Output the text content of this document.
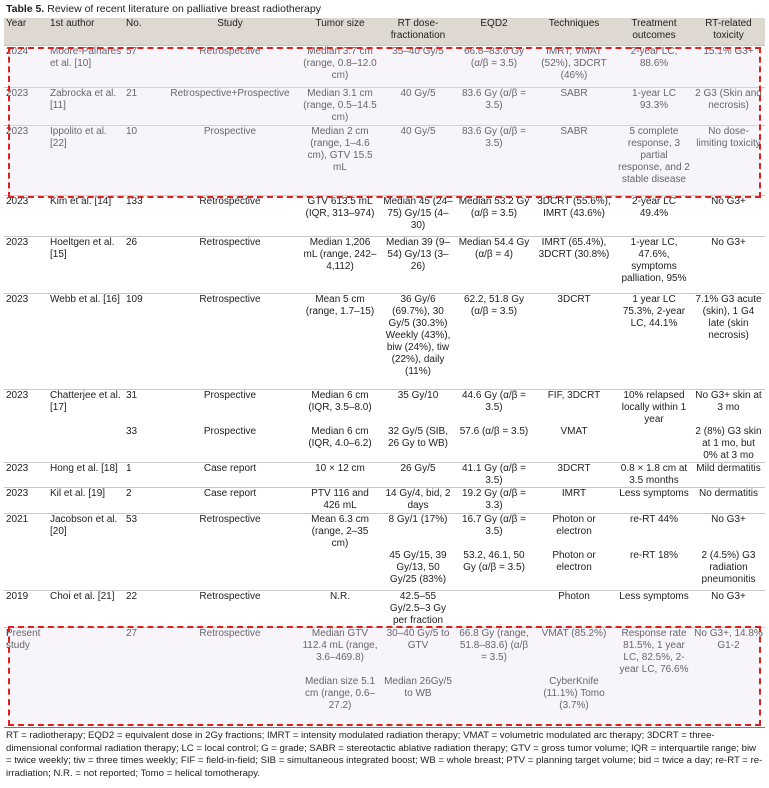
Table 5. Review of recent literature on palliative breast radiotherapy
Year	1st author	No.	Study	Tumor size	RT dose-fractionation	EQD2	Techniques	Treatment outcomes	RT-related toxicity
2024	Moore-Palhares et al. [10]	57	Retrospective	Median 3.7 cm (range, 0.8–12.0 cm)	35–40 Gy/5	66.8–83.6 Gy (α/β = 3.5)	IMRT, VMAT (52%), 3DCRT (46%)	2-year LC, 88.6%	15.1% G3+
2023	Zabrocka et al. [11]	21	Retrospective+Prospective	Median 3.1 cm (range, 0.5–14.5 cm)	40 Gy/5	83.6 Gy (α/β = 3.5)	SABR	1-year LC 93.3%	2 G3 (Skin and necrosis)
2023	Ippolito et al. [22]	10	Prospective	Median 2 cm (range, 1–4.6 cm), GTV 15.5 mL	40 Gy/5	83.6 Gy (α/β = 3.5)	SABR	5 complete response, 3 partial response, and 2 stable disease	No dose-limiting toxicity
2023	Kim et al. [14]	133	Retrospective	GTV 613.5 mL (IQR, 313–974)	Median 45 (24–75) Gy/15 (4–30)	Median 53.2 Gy (α/β = 3.5)	3DCRT (55.6%), IMRT (43.6%)	2-year LC 49.4%	No G3+
2023	Hoeltgen et al. [15]	26	Retrospective	Median 1,206 mL (range, 242–4,112)	Median 39 (9–54) Gy/13 (3–26)	Median 54.4 Gy (α/β = 4)	IMRT (65.4%), 3DCRT (30.8%)	1-year LC, 47.6%, symptoms palliation, 95%	No G3+
2023	Webb et al. [16]	109	Retrospective	Mean 5 cm (range, 1.7–15)	36 Gy/6 (69.7%), 30 Gy/5 (30.3%) Weekly (43%), biw (24%), tiw (22%), daily (11%)	62.2, 51.8 Gy (α/β = 3.5)	3DCRT	1 year LC 75.3%, 2-year LC, 44.1%	7.1% G3 acute (skin), 1 G4 late (skin necrosis)
2023	Chatterjee et al. [17]	31	Prospective	Median 6 cm (IQR, 3.5–8.0)	35 Gy/10	44.6 Gy (α/β = 3.5)	FIF, 3DCRT	10% relapsed locally within 1 year	No G3+ skin at 3 mo
		33	Prospective	Median 6 cm (IQR, 4.0–6.2)	32 Gy/5 (SIB, 26 Gy to WB)	57.6 (α/β = 3.5)	VMAT		2 (8%) G3 skin at 1 mo, but 0% at 3 mo
2023	Hong et al. [18]	1	Case report	10 × 12 cm	26 Gy/5	41.1 Gy (α/β = 3.5)	3DCRT	0.8 × 1.8 cm at 3.5 months	Mild dermatitis
2023	Kil et al. [19]	2	Case report	PTV 116 and 426 mL	14 Gy/4, bid, 2 days	19.2 Gy (α/β = 3.3)	IMRT	Less symptoms	No dermatitis
2021	Jacobson et al. [20]	53	Retrospective	Mean 6.3 cm (range, 2–35 cm)	8 Gy/1 (17%)	16.7 Gy (α/β = 3.5)	Photon or electron	re-RT 44%	No G3+
					45 Gy/15, 39 Gy/13, 50 Gy/25 (83%)	53.2, 46.1, 50 Gy (α/β = 3.5)	Photon or electron	re-RT 18%	2 (4.5%) G3 radiation pneumonitis
2019	Choi et al. [21]	22	Retrospective	N.R.	42.5–55 Gy/2.5–3 Gy per fraction		Photon	Less symptoms	No G3+
Present study		27	Retrospective	Median GTV 112.4 mL (range, 3.6–469.8)	30–40 Gy/5 to GTV	66.8 Gy (range, 51.8–83.6) (α/β = 3.5)	VMAT (85.2%)	Response rate 81.5%, 1 year LC, 82.5%, 2-year LC, 76.6%	No G3+, 14.8% G1-2
				Median size 5.1 cm (range, 0.6–27.2)	Median 26Gy/5 to WB		CyberKnife (11.1%) Tomo (3.7%)		
RT = radiotherapy; EQD2 = equivalent dose in 2Gy fractions; IMRT = intensity modulated radiation therapy; VMAT = volumetric modulated arc therapy; 3DCRT = three-dimensional conformal radiation therapy; LC = local control; G = grade; SABR = stereotactic ablative radiation therapy; GTV = gross tumor volume; IQR = interquartile range; biw = twice weekly; tiw = three times weekly; FIF = field-in-field; SIB = simultaneous integrated boost; WB = whole breast; PTV = planning target volume; bid = twice a day; re-RT = re-irradiation; N.R. = not reported; Tomo = helical tomotherapy.
